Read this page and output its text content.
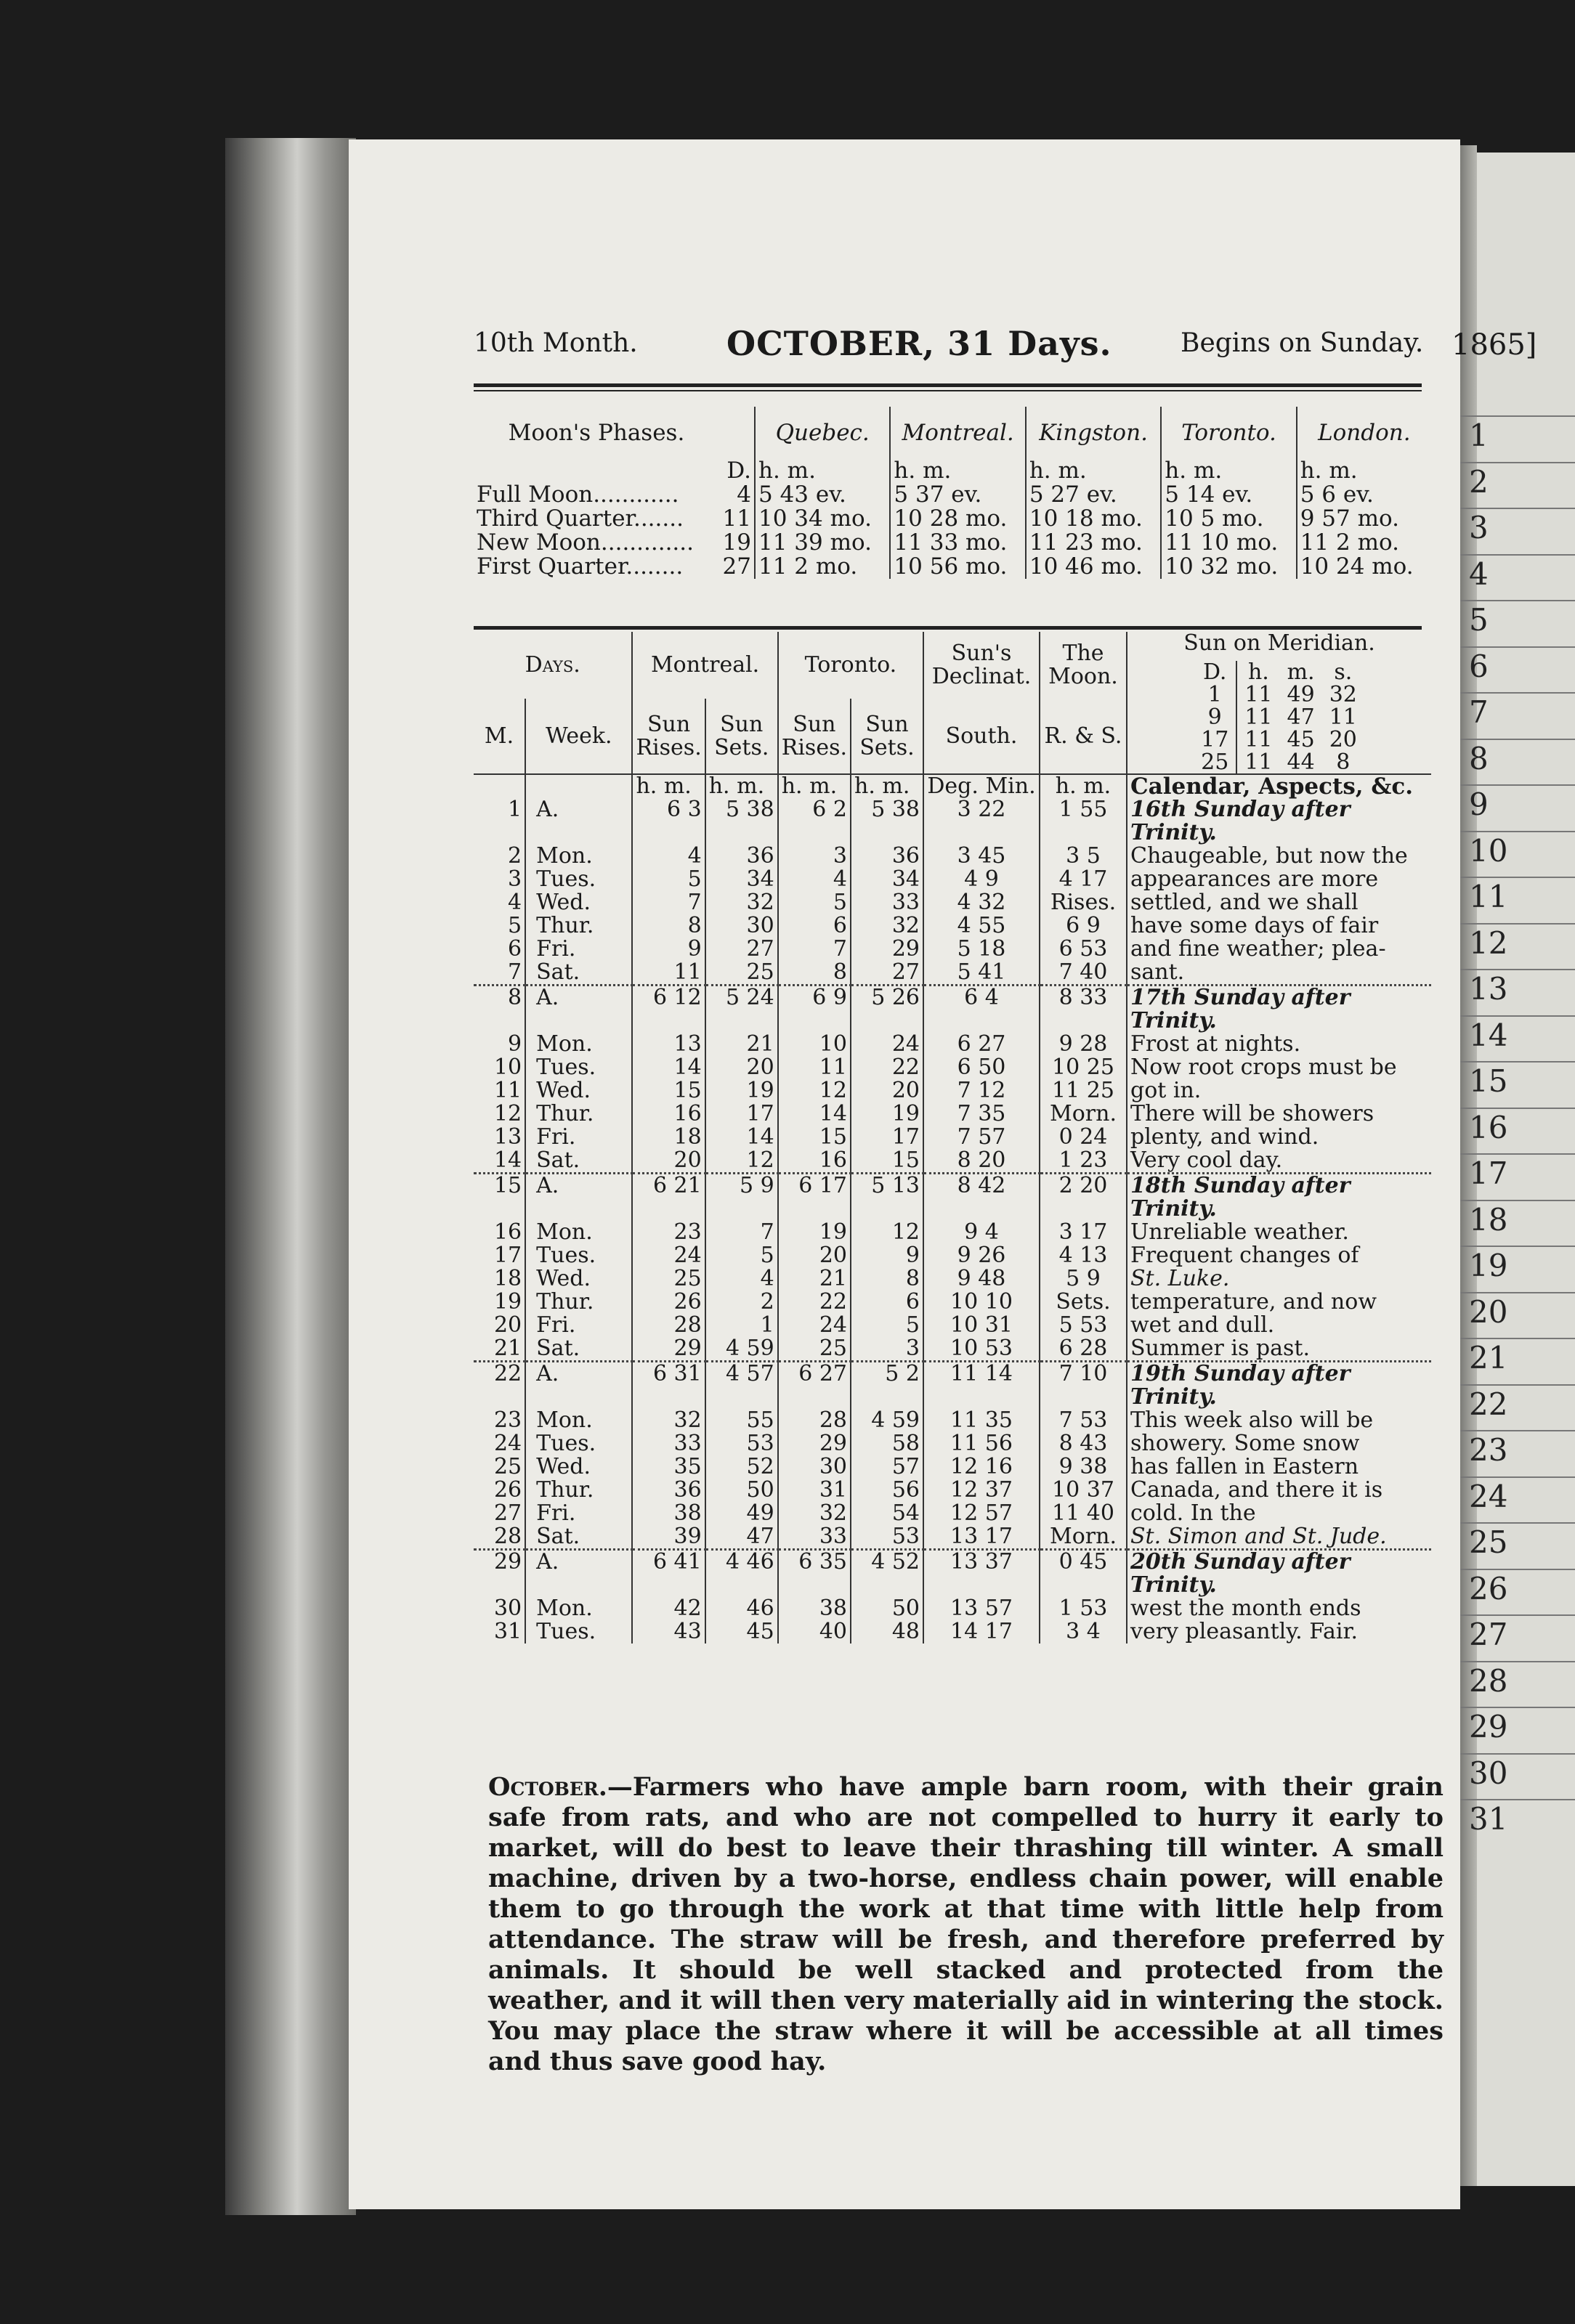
10th Month.	OCTOBER, 31 Days.	Begins on Sunday. 1865]
Moon's Phases.		Quebec.	Montreal.	Kingston.	Toronto.	London.
	D.	h. m.	h. m.	h. m.	h. m.	h. m.
Full Moon............	4	5 43 ev.	5 37 ev.	5 27 ev.	5 14 ev.	5 6 ev.
Third Quarter.......	11	10 34 mo.	10 28 mo.	10 18 mo.	10 5 mo.	9 57 mo.
New Moon.............	19	11 39 mo.	11 33 mo.	11 23 mo.	11 10 mo.	11 2 mo.
First Quarter........	27	11 2 mo.	10 56 mo.	10 46 mo.	10 32 mo.	10 24 mo.
Days.	Montreal.	Toronto.	Sun's Declinat.	The Moon.	
Sun on Meridian.
D.	h.	m.	s.
1	11	49	32
9	11	47	11
17	11	45	20
25	11	44	8

M.	Week.	Sun Rises.	Sun Sets.	Sun Rises.	Sun Sets.	South.	R. & S.
		h. m.	h. m.	h. m.	h. m.	Deg. Min.	h. m.	Calendar, Aspects, &c.
1	A.	6 3	5 38	6 2	5 38	3 22	1 55	16th Sunday after Trinity.
2	Mon.	4	36	3	36	3 45	3 5	Chaugeable, but now the
3	Tues.	5	34	4	34	4 9	4 17	appearances are more
4	Wed.	7	32	5	33	4 32	Rises.	settled, and we shall
5	Thur.	8	30	6	32	4 55	6 9	have some days of fair
6	Fri.	9	27	7	29	5 18	6 53	and fine weather; plea-
7	Sat.	11	25	8	27	5 41	7 40	sant.
8	A.	6 12	5 24	6 9	5 26	6 4	8 33	17th Sunday after Trinity.
9	Mon.	13	21	10	24	6 27	9 28	Frost at nights.
10	Tues.	14	20	11	22	6 50	10 25	Now root crops must be
11	Wed.	15	19	12	20	7 12	11 25	got in.
12	Thur.	16	17	14	19	7 35	Morn.	There will be showers
13	Fri.	18	14	15	17	7 57	0 24	plenty, and wind.
14	Sat.	20	12	16	15	8 20	1 23	Very cool day.
15	A.	6 21	5 9	6 17	5 13	8 42	2 20	18th Sunday after Trinity.
16	Mon.	23	7	19	12	9 4	3 17	Unreliable weather.
17	Tues.	24	5	20	9	9 26	4 13	Frequent changes of
18	Wed.	25	4	21	8	9 48	5 9	St. Luke.
19	Thur.	26	2	22	6	10 10	Sets.	temperature, and now
20	Fri.	28	1	24	5	10 31	5 53	wet and dull.
21	Sat.	29	4 59	25	3	10 53	6 28	Summer is past.
22	A.	6 31	4 57	6 27	5 2	11 14	7 10	19th Sunday after Trinity.
23	Mon.	32	55	28	4 59	11 35	7 53	This week also will be
24	Tues.	33	53	29	58	11 56	8 43	showery. Some snow
25	Wed.	35	52	30	57	12 16	9 38	has fallen in Eastern
26	Thur.	36	50	31	56	12 37	10 37	Canada, and there it is
27	Fri.	38	49	32	54	12 57	11 40	cold. In the
28	Sat.	39	47	33	53	13 17	Morn.	St. Simon and St. Jude.
29	A.	6 41	4 46	6 35	4 52	13 37	0 45	20th Sunday after Trinity.
30	Mon.	42	46	38	50	13 57	1 53	west the month ends
31	Tues.	43	45	40	48	14 17	3 4	very pleasantly. Fair.
October.—Farmers who have ample barn room, with their grain safe from rats, and who are not compelled to hurry it early to market, will do best to leave their thrashing till winter. A small machine, driven by a two-horse, endless chain power, will enable them to go through the work at that time with little help from attendance. The straw will be fresh, and therefore preferred by animals. It should be well stacked and protected from the weather, and it will then very materially aid in wintering the stock. You may place the straw where it will be accessible at all times and thus save good hay.
1
2
3
4
5
6
7
8
9
10
11
12
13
14
15
16
17
18
19
20
21
22
23
24
25
26
27
28
29
30
31
